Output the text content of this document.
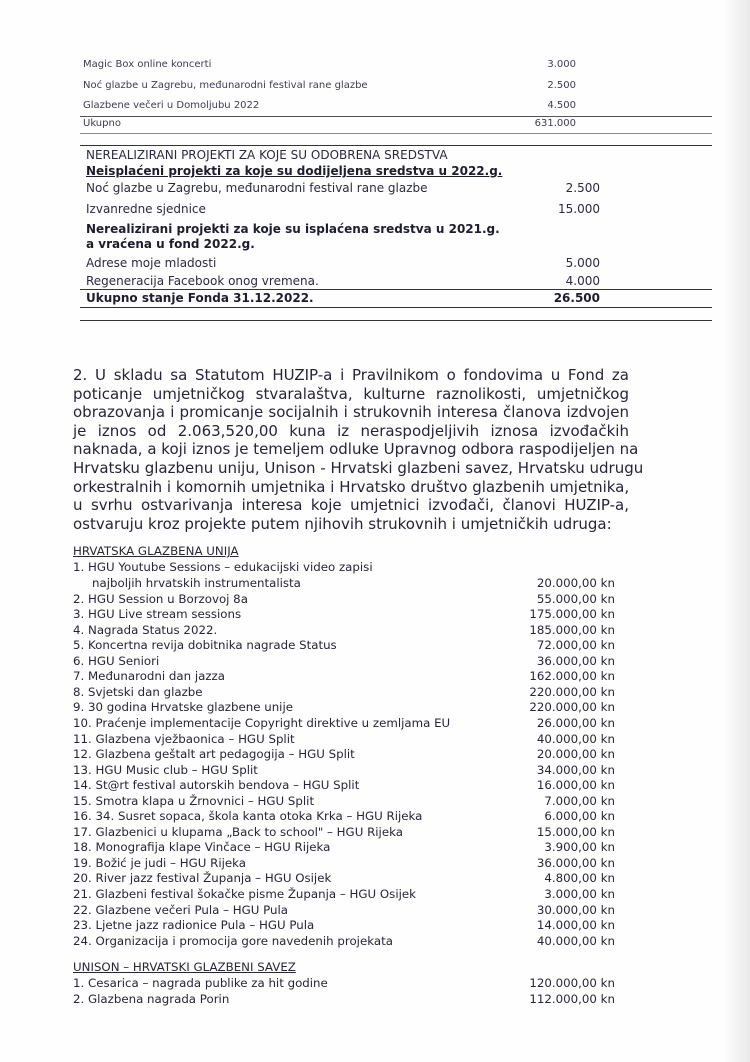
Magic Box online koncerti	3.000
Noć glazbe u Zagrebu, međunarodni festival rane glazbe	2.500
Glazbene večeri u Domoljubu 2022	4.500
Ukupno	631.000
NEREALIZIRANI PROJEKTI ZA KOJE SU ODOBRENA SREDSTVA
Neisplaćeni projekti za koje su dodijeljena sredstva u 2022.g.
Noć glazbe u Zagrebu, međunarodni festival rane glazbe	2.500
Izvanredne sjednice	15.000
Nerealizirani projekti za koje su isplaćena sredstva u 2021.g.
a vraćena u fond 2022.g.
Adrese moje mladosti	5.000
Regeneracija Facebook onog vremena.	4.000
Ukupno stanje Fonda 31.12.2022.	26.500
2. U skladu sa Statutom HUZIP-a i Pravilnikom o fondovima u Fond za
poticanje umjetničkog stvaralaštva, kulturne raznolikosti, umjetničkog
obrazovanja i promicanje socijalnih i strukovnih interesa članova izdvojen
je iznos od 2.063,520,00 kuna iz neraspodjeljivih iznosa izvođačkih
naknada, a koji iznos je temeljem odluke Upravnog odbora raspodijeljen na
Hrvatsku glazbenu uniju, Unison - Hrvatski glazbeni savez, Hrvatsku udrugu
orkestralnih i komornih umjetnika i Hrvatsko društvo glazbenih umjetnika,
u svrhu ostvarivanja interesa koje umjetnici izvođači, članovi HUZIP-a,
ostvaruju kroz projekte putem njihovih strukovnih i umjetničkih udruga:
HRVATSKA GLAZBENA UNIJA
1. HGU Youtube Sessions – edukacijski video zapisi
najboljih hrvatskih instrumentalista	20.000,00 kn
2. HGU Session u Borzovoj 8a	55.000,00 kn
3. HGU Live stream sessions	175.000,00 kn
4. Nagrada Status 2022.	185.000,00 kn
5. Koncertna revija dobitnika nagrade Status	72.000,00 kn
6. HGU Seniori	36.000,00 kn
7. Međunarodni dan jazza	162.000,00 kn
8. Svjetski dan glazbe	220.000,00 kn
9. 30 godina Hrvatske glazbene unije	220.000,00 kn
10. Praćenje implementacije Copyright direktive u zemljama EU	26.000,00 kn
11. Glazbena vježbaonica – HGU Split	40.000,00 kn
12. Glazbena geštalt art pedagogija – HGU Split	20.000,00 kn
13. HGU Music club – HGU Split	34.000,00 kn
14. St@rt festival autorskih bendova – HGU Split	16.000,00 kn
15. Smotra klapa u Žrnovnici – HGU Split	7.000,00 kn
16. 34. Susret sopaca, škola kanta otoka Krka – HGU Rijeka	6.000,00 kn
17. Glazbenici u klupama „Back to school" – HGU Rijeka	15.000,00 kn
18. Monografija klape Vinčace – HGU Rijeka	3.900,00 kn
19. Božić je judi – HGU Rijeka	36.000,00 kn
20. River jazz festival Županja – HGU Osijek	4.800,00 kn
21. Glazbeni festival šokačke pisme Županja – HGU Osijek	3.000,00 kn
22. Glazbene večeri Pula – HGU Pula	30.000,00 kn
23. Ljetne jazz radionice Pula – HGU Pula	14.000,00 kn
24. Organizacija i promocija gore navedenih projekata	40.000,00 kn
UNISON – HRVATSKI GLAZBENI SAVEZ
1. Cesarica – nagrada publike za hit godine	120.000,00 kn
2. Glazbena nagrada Porin	112.000,00 kn
